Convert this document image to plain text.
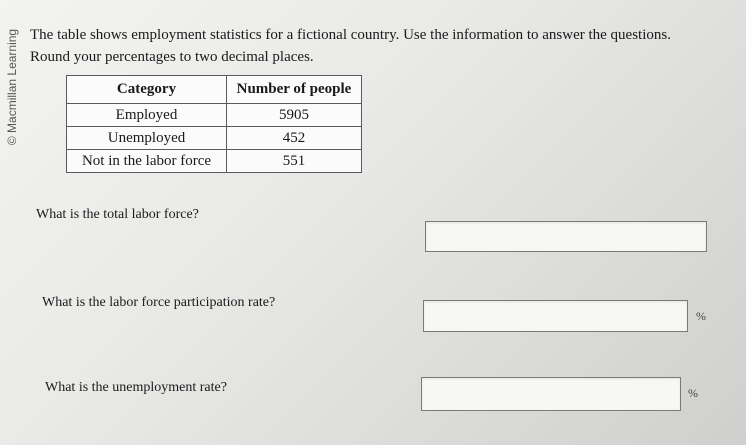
© Macmillan Learning The table shows employment statistics for a fictional country. Use the information to answer the questions. Round your percentages to two decimal places.
Category	Number of people
Employed	5905
Unemployed	452
Not in the labor force	551
What is the total labor force?
What is the labor force participation rate?
%
What is the unemployment rate?	%
